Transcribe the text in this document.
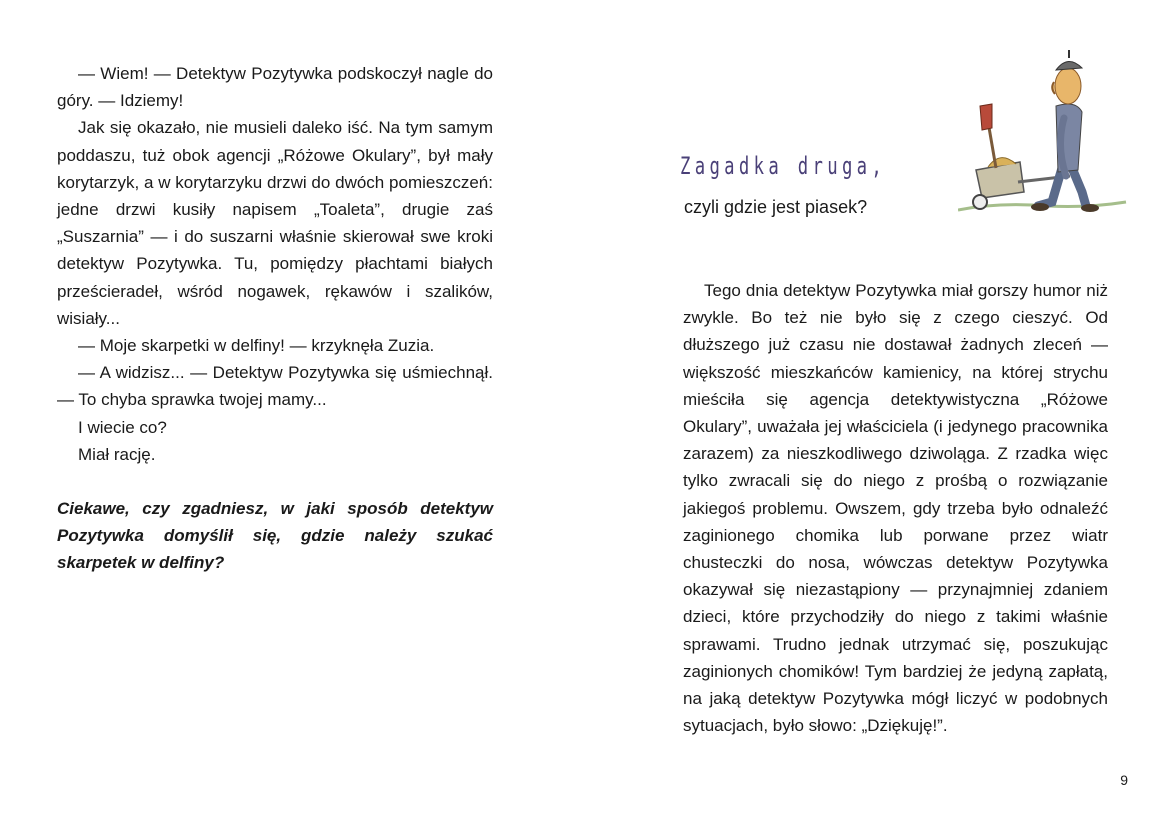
— Wiem! — Detektyw Pozytywka podskoczył nagle do góry. — Idziemy!

Jak się okazało, nie musieli daleko iść. Na tym samym poddaszu, tuż obok agencji „Różowe Okulary”, był mały korytarzyk, a w korytarzyku drzwi do dwóch pomieszczeń: jedne drzwi kusiły napisem „Toaleta”, drugie zaś „Suszarnia” — i do suszarni właśnie skierował swe kroki detektyw Pozytywka. Tu, pomiędzy płachtami białych prześcieradeł, wśród nogawek, rękawów i szalików, wisiały...

— Moje skarpetki w delfiny! — krzyknęła Zuzia.

— A widzisz... — Detektyw Pozytywka się uśmiechnął. — To chyba sprawka twojej mamy...

I wiecie co?

Miał rację.

Ciekawe, czy zgadniesz, w jaki sposób detektyw Pozytywka domyślił się, gdzie należy szukać skarpetek w delfiny?

Zagadka druga,
czyli gdzie jest piasek?

Tego dnia detektyw Pozytywka miał gorszy humor niż zwykle. Bo też nie było się z czego cieszyć. Od dłuższego już czasu nie dostawał żadnych zleceń — większość mieszkańców kamienicy, na której strychu mieściła się agencja detektywistyczna „Różowe Okulary”, uważała jej właściciela (i jedynego pracownika zarazem) za nieszkodliwego dziwoląga. Z rzadka więc tylko zwracali się do niego z prośbą o rozwiązanie jakiegoś problemu. Owszem, gdy trzeba było odnaleźć zaginionego chomika lub porwane przez wiatr chusteczki do nosa, wówczas detektyw Pozytywka okazywał się niezastąpiony — przynajmniej zdaniem dzieci, które przychodziły do niego z takimi właśnie sprawami. Trudno jednak utrzymać się, poszukując zaginionych chomików! Tym bardziej że jedyną zapłatą, na jaką detektyw Pozytywka mógł liczyć w podobnych sytuacjach, było słowo: „Dziękuję!”.

9
